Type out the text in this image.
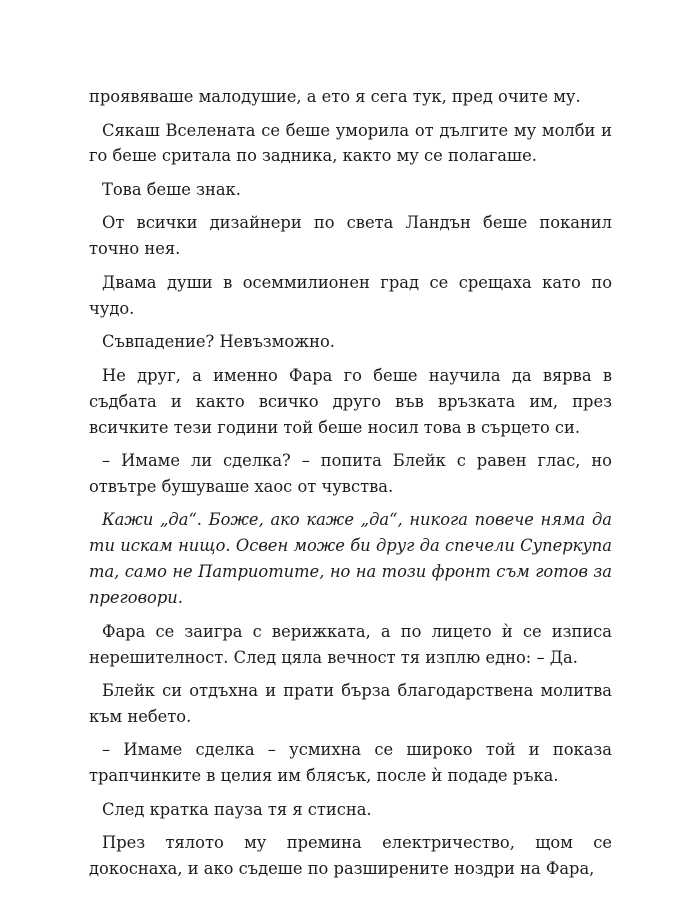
проявяваше малодушие, а ето я сега тук, пред очите му.

Сякаш Вселената се беше уморила от дългите му молби и го беше сритала по задника, както му се полагаше.

Това беше знак.

От всички дизайнери по света Ландън беше поканил точно нея.

Двама души в осеммилионен град се срещаха като по чудо.

Съвпадение? Невъзможно.

Не друг, а именно Фара го беше научила да вярва в съдбата и както всичко друго във връзката им, през всичките тези години той беше носил това в сърцето си.

– Имаме ли сделка? – попита Блейк с равен глас, но отвътре бушуваше хаос от чувства.

Кажи „да“. Боже, ако каже „да“, никога повече няма да ти искам нищо. Освен може би друг да спечели Суперкупа та, само не Патриотите, но на този фронт съм готов за преговори.

Фара се заигра с верижката, а по лицето ѝ се изписа нерешителност. След цяла вечност тя изплю едно: – Да.

Блейк си отдъхна и прати бърза благодарствена молитва към небето.

– Имаме сделка – усмихна се широко той и показа трапчинките в целия им блясък, после ѝ подаде ръка.

След кратка пауза тя я стисна.

През тялото му премина електричество, щом се докоснаха, и ако съдеше по разширените ноздри на Фара,
